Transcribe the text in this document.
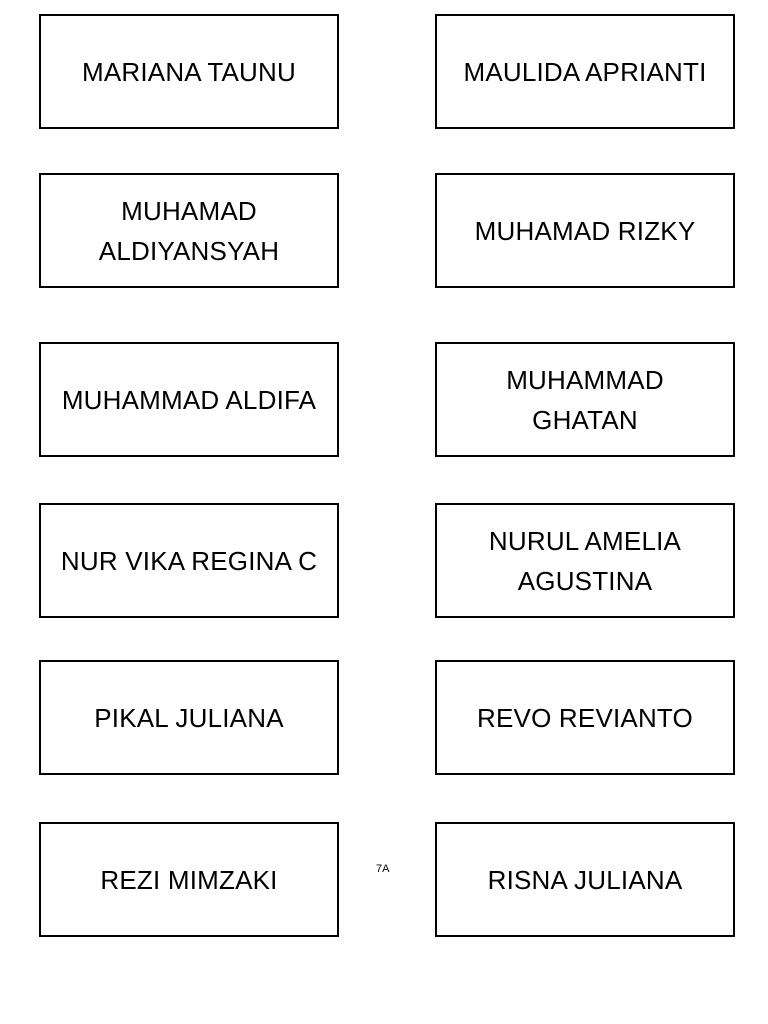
MARIANA TAUNU	MAULIDA APRIANTI
MUHAMAD ALDIYANSYAH
MUHAMAD RIZKY
MUHAMMAD ALDIFA
MUHAMMAD GHATAN
NUR VIKA REGINA C
NURUL AMELIA AGUSTINA
PIKAL JULIANA	REVO REVIANTO
REZI MIMZAKI	RISNA JULIANA
7A
